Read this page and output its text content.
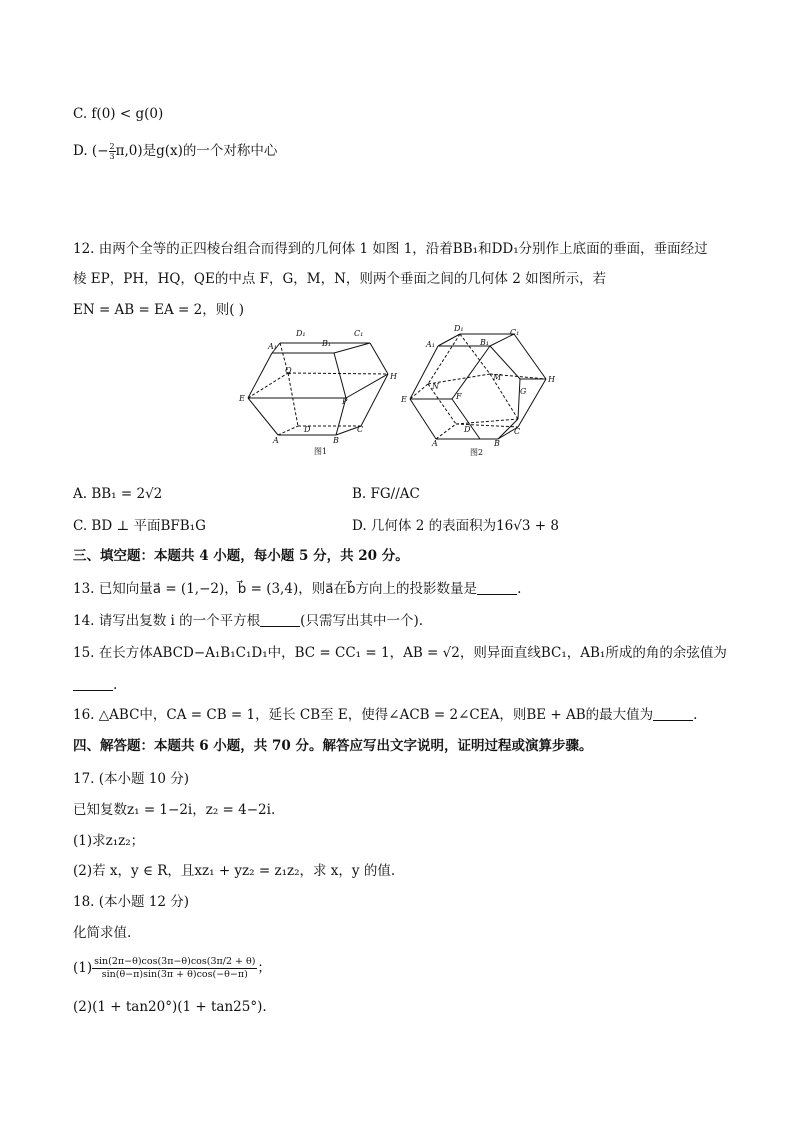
C. f(0) < g(0)
D. (− $\frac{2}{3} \pi,0$)是g(x)的一个对称中心
12. 由两个全等的正四棱台组合而得到的几何体 1 如图 1，沿着BB₁和DD₁分别作上底面的垂面，垂面经过
棱 EP，PH，HQ，QE的中点 F，G，M，N，则两个垂面之间的几何体 2 如图所示，若
EN = AB = EA = 2，则( )
D₁	C₁
A₁	B₁
Q
H
E	P
D	C
A	B
图1
D₁	C₁
A₁	B₁
M	H
N
E	F
G
D	C
A	B
图2
A. BB₁ = 2√2	B. FG//AC
C. BD ⊥ 平面BFB₁G	D. 几何体 2 的表面积为16√3 + 8
三、填空题：本题共 4 小题，每小题 5 分，共 20 分。
13. 已知向量a⃗ = (1,−2)，b⃗ = (3,4)，则a⃗在b⃗方向上的投影数量是	.
14. 请写出复数 i 的一个平方根	(只需写出其中一个).
15. 在长方体ABCD−A₁B₁C₁D₁中，BC = CC₁ = 1，AB = √2，则异面直线BC₁，AB₁所成的角的余弦值为
.
16. △ABC中，CA = CB = 1，延长 CB至 E，使得∠ACB = 2∠CEA，则BE + AB的最大值为	.
四、解答题：本题共 6 小题，共 70 分。解答应写出文字说明，证明过程或演算步骤。
17. (本小题 10 分)
已知复数z₁ = 1−2i，z₂ = 4−2i.
(1)求z₁z₂；
(2)若 x，y ∈ R，且xz₁ + yz₂ = z₁z₂，求 x，y 的值.
18. (本小题 12 分)
化简求值.
$(1) \frac{\sin(2\pi-\theta)\cos(3\pi-\theta)\cos(3\pi/2 + \theta)}{\sin(\theta-\pi)\sin(3\pi + \theta)\cos(-\theta-\pi)}$ ；
(2)(1 + tan20°)(1 + tan25°).
